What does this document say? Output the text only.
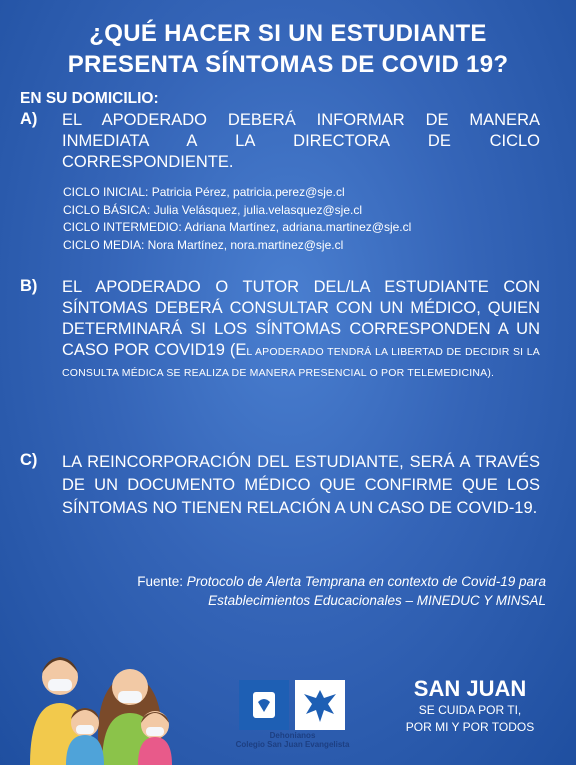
¿QUÉ HACER SI UN ESTUDIANTE
PRESENTA SÍNTOMAS DE COVID 19?
EN SU DOMICILIO:
A) EL APODERADO DEBERÁ INFORMAR DE MANERA INMEDIATA A LA DIRECTORA DE CICLO CORRESPONDIENTE.
CICLO INICIAL: Patricia Pérez, patricia.perez@sje.cl
CICLO BÁSICA: Julia Velásquez, julia.velasquez@sje.cl
CICLO INTERMEDIO: Adriana Martínez, adriana.martinez@sje.cl
CICLO MEDIA: Nora Martínez, nora.martinez@sje.cl
B) EL APODERADO O TUTOR DEL/LA ESTUDIANTE CON SÍNTOMAS DEBERÁ CONSULTAR CON UN MÉDICO, QUIEN DETERMINARÁ SI LOS SÍNTOMAS CORRESPONDEN A UN CASO POR COVID19 (EL APODERADO TENDRÁ LA LIBERTAD DE DECIDIR SI LA CONSULTA MÉDICA SE REALIZA DE MANERA PRESENCIAL O POR TELEMEDICINA).
C) LA REINCORPORACIÓN DEL ESTUDIANTE, SERÁ A TRAVÉS DE UN DOCUMENTO MÉDICO QUE CONFIRME QUE LOS SÍNTOMAS NO TIENEN RELACIÓN A UN CASO DE COVID-19.
Fuente: Protocolo de Alerta Temprana en contexto de Covid-19 para
Establecimientos Educacionales – MINEDUC Y MINSAL
Dehonianos
Colegio San Juan Evangelista
SAN JUAN
SE CUIDA POR TI,
POR MI Y POR TODOS
